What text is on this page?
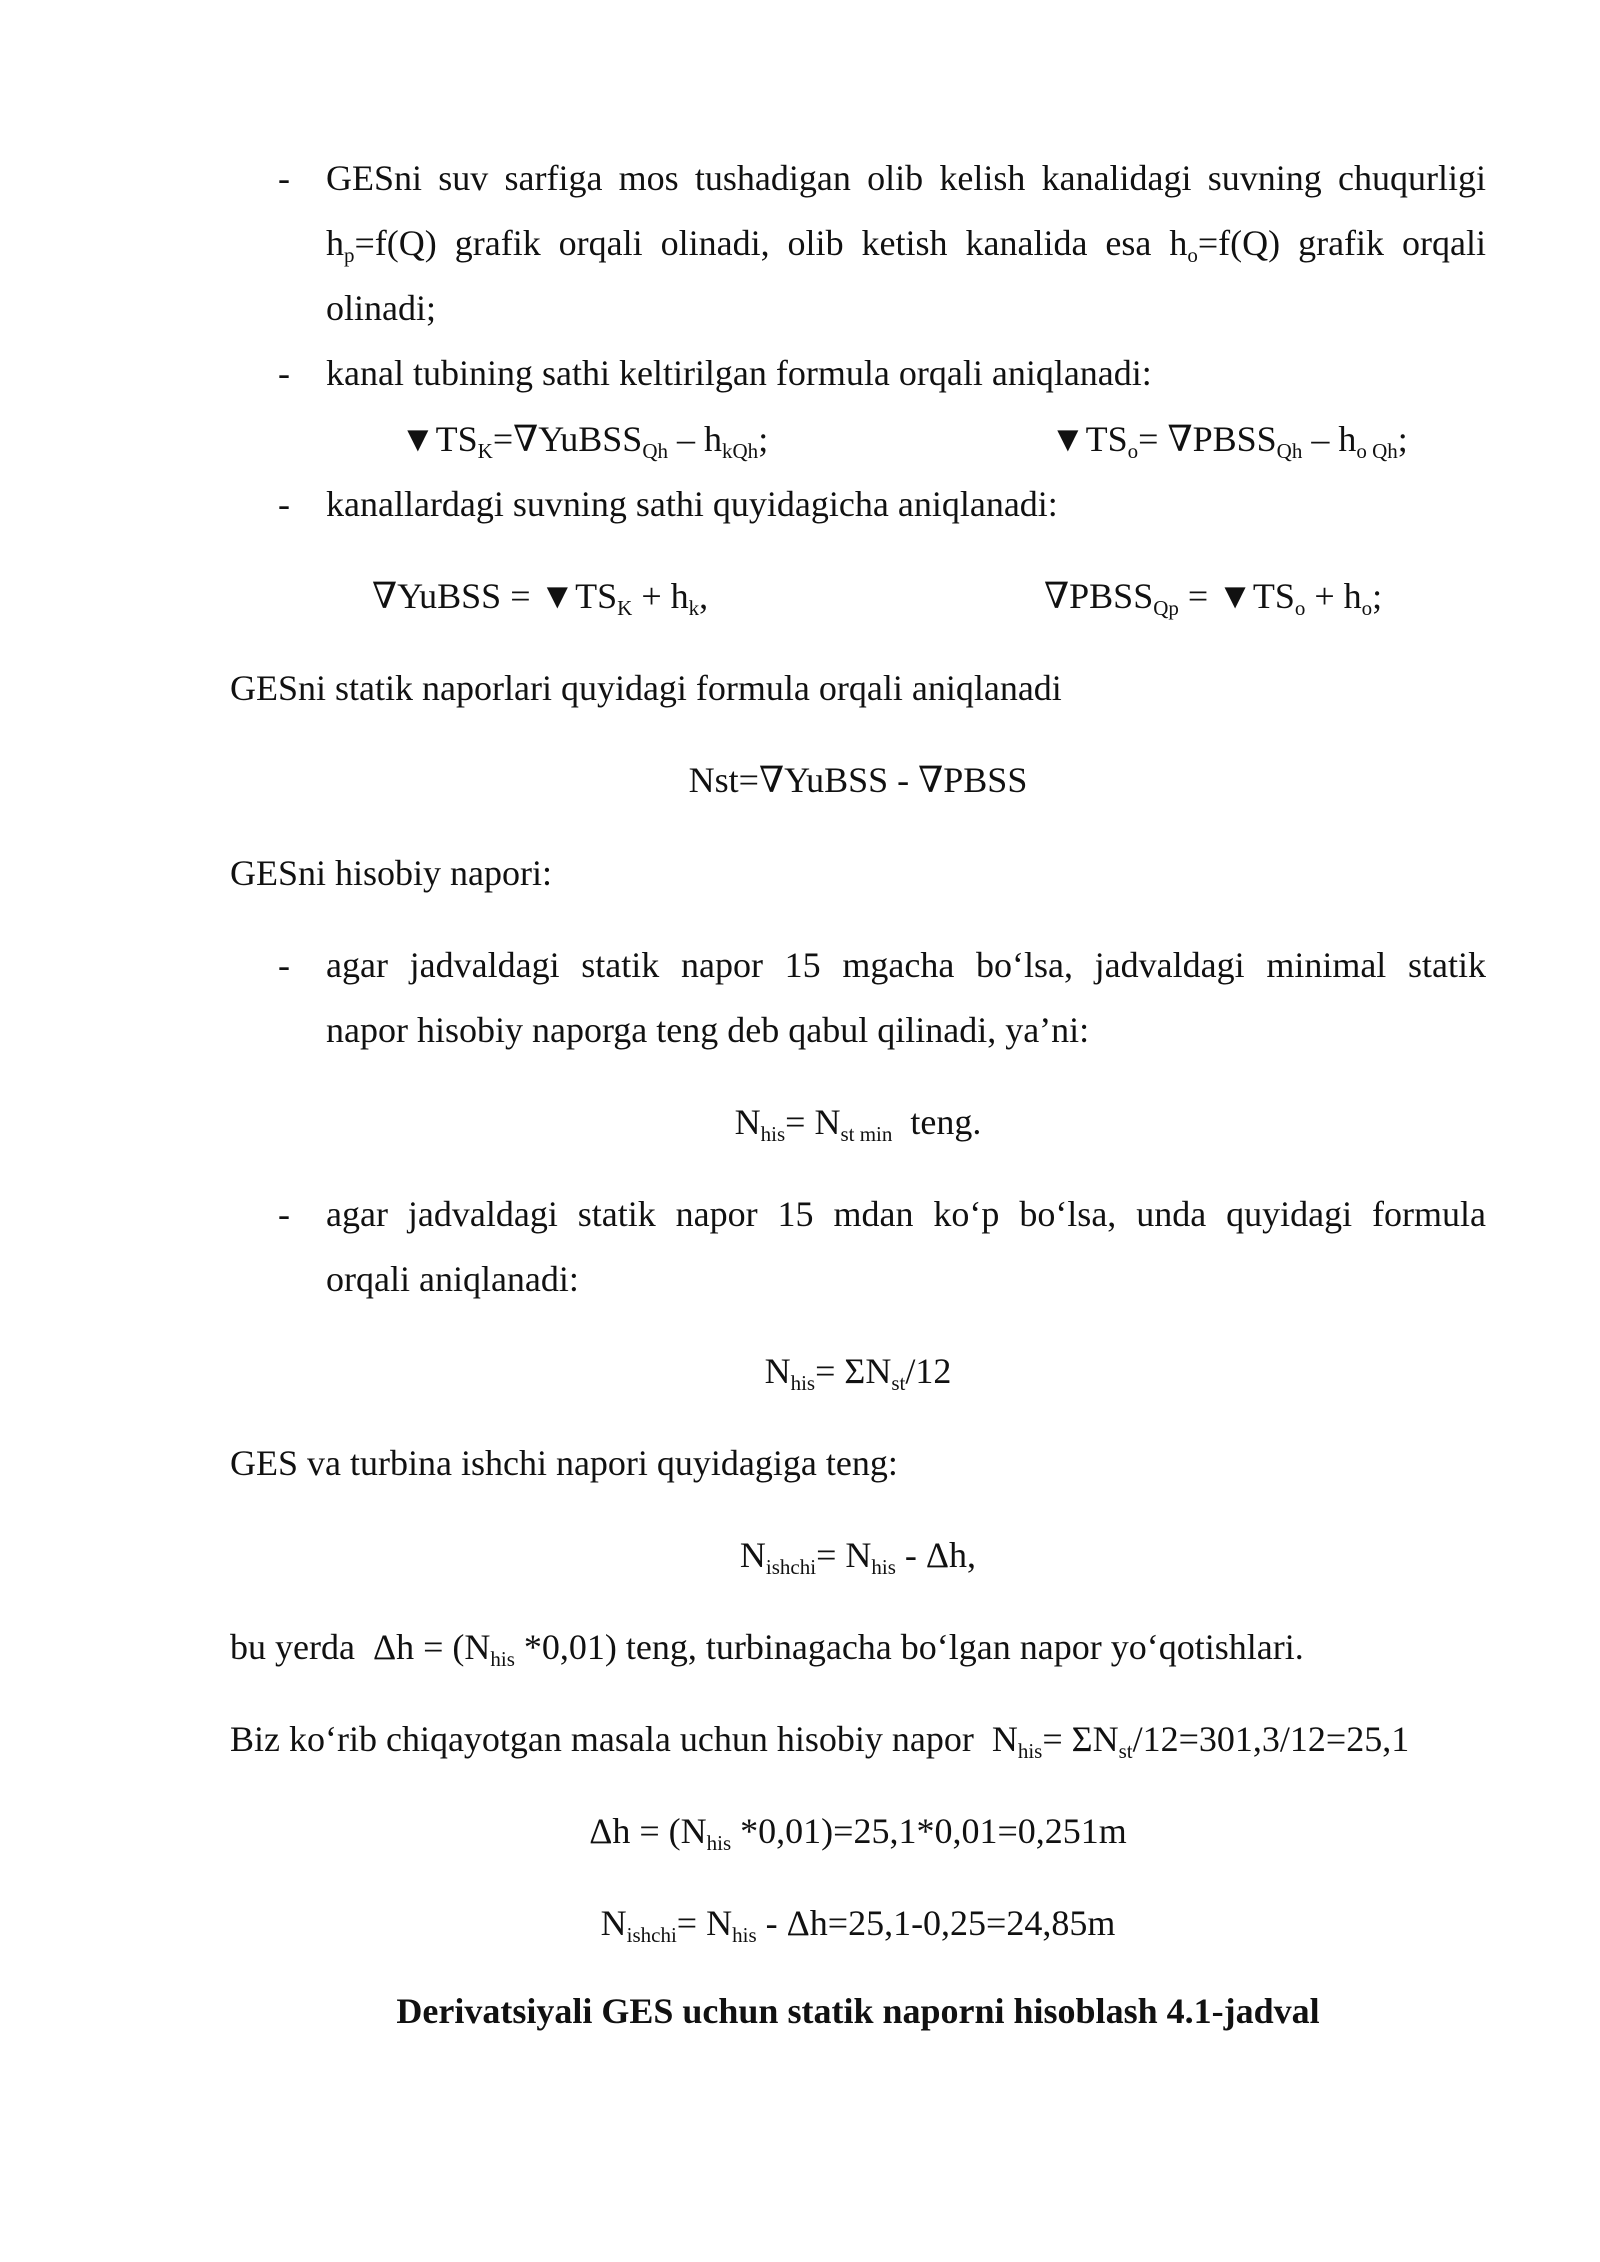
- GESni suv sarfiga mos tushadigan olib kelish kanalidagi suvning chuqurligi
$h_p=f(Q)$ grafik orqali olinadi, olib ketish kanalida esa $h_o=f(Q)$ grafik orqali
olinadi;
- kanal tubining sathi keltirilgan formula orqali aniqlanadi:
$▼TS_K=\nabla YuBSS_{Qh} - h_{kQh}$;	$▼TS_o=$ $\nabla PBSS_{Qh} - h_{o Qh}$;
- kanallardagi suvning sathi quyidagicha aniqlanadi:
∇YuBSS = $▼TS_K + h_k$,	$\nabla PBSS_{Qp}$ = $▼TS_o + h_o$;
GESni statik naporlari quyidagi formula orqali aniqlanadi
Nst=∇YuBSS - ∇PBSS
GESni hisobiy napori:
- agar jadvaldagi statik napor 15 mgacha bo‘lsa, jadvaldagi minimal statik
napor hisobiy naporga teng deb qabul qilinadi, ya’ni:
$N_{his}= N_{st min}$  teng.
- agar jadvaldagi statik napor 15 mdan ko‘p bo‘lsa, unda quyidagi formula
orqali aniqlanadi:
$N_{his}= \Sigma N_{st}/12$
GES va turbina ishchi napori quyidagiga teng:
$N_{ishchi}= N_{his} - \Delta h$,
bu yerda  $\Delta h = (N_{his}$ *0,01) teng, turbinagacha bo‘lgan napor yo‘qotishlari.
Biz ko‘rib chiqayotgan masala uchun hisobiy napor  $N_{his}= \Sigma N_{st}/12=301,3/12=25,1$
$\Delta h = (N_{his}$ *0,01)=25,1*0,01=0,251m
$N_{ishchi}= N_{his} - \Delta h=25,1-0,25=24,85m$
Derivatsiyali GES uchun statik naporni hisoblash 4.1-jadval
